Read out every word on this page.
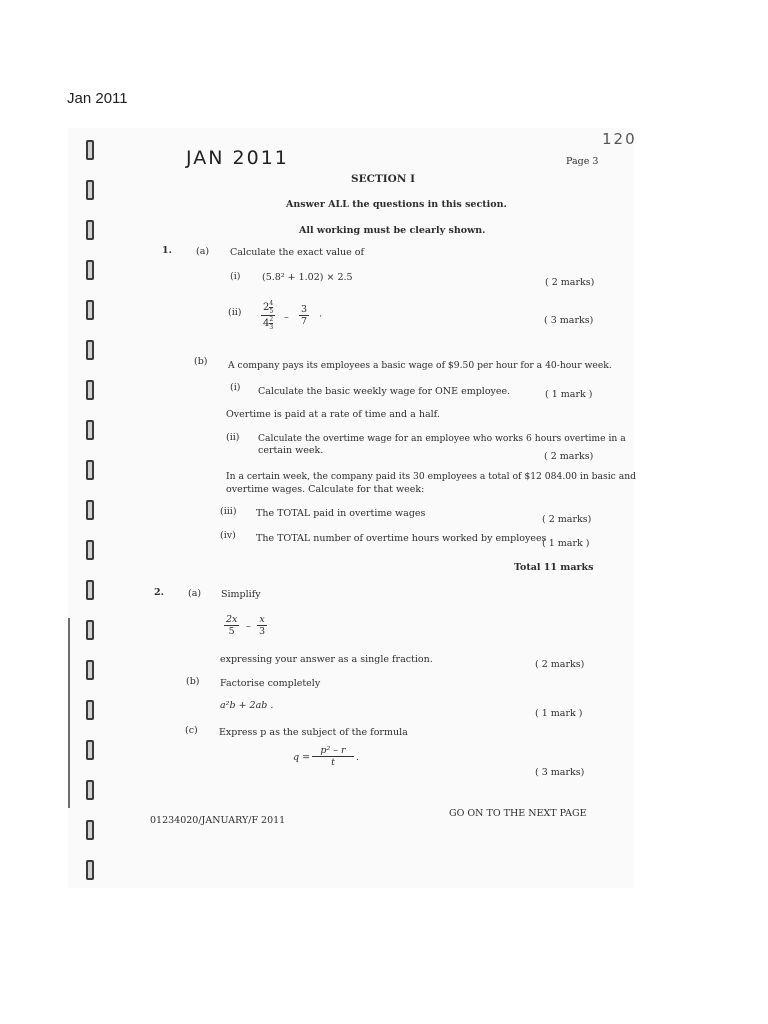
Jan 2011
120
JAN 2011	Page 3
SECTION I
Answer ALL the questions in this section.
All working must be clearly shown.
1.	(a) Calculate the exact value of
(i) (5.8² + 1.02) × 2.5	( 2 marks)
$(ii) \frac{2 \frac{4}{5}}{4 \frac{2}{3}} - \frac{3}{7}$ ·	( 3 marks)
(b) A company pays its employees a basic wage of $9.50 per hour for a 40-hour week.
(i) Calculate the basic weekly wage for ONE employee.	( 1 mark )
Overtime is paid at a rate of time and a half.
(ii) Calculate the overtime wage for an employee who works 6 hours overtime in a
certain week.
( 2 marks)
In a certain week, the company paid its 30 employees a total of $12 084.00 in basic and
overtime wages. Calculate for that week:
(iii) The TOTAL paid in overtime wages
( 2 marks)
(iv) The TOTAL number of overtime hours worked by employees
( 1 mark )
Total 11 marks
2.	(a) Simplify
$\frac{2x}{5} - \frac{x}{3}$
expressing your answer as a single fraction.	( 2 marks)
(b) Factorise completely
a²b + 2ab .
( 1 mark )
(c) Express p as the subject of the formula
$q = \frac{\text{p² – r}}{t}$ .
( 3 marks)
01234020/JANUARY/F 2011
GO ON TO THE NEXT PAGE
